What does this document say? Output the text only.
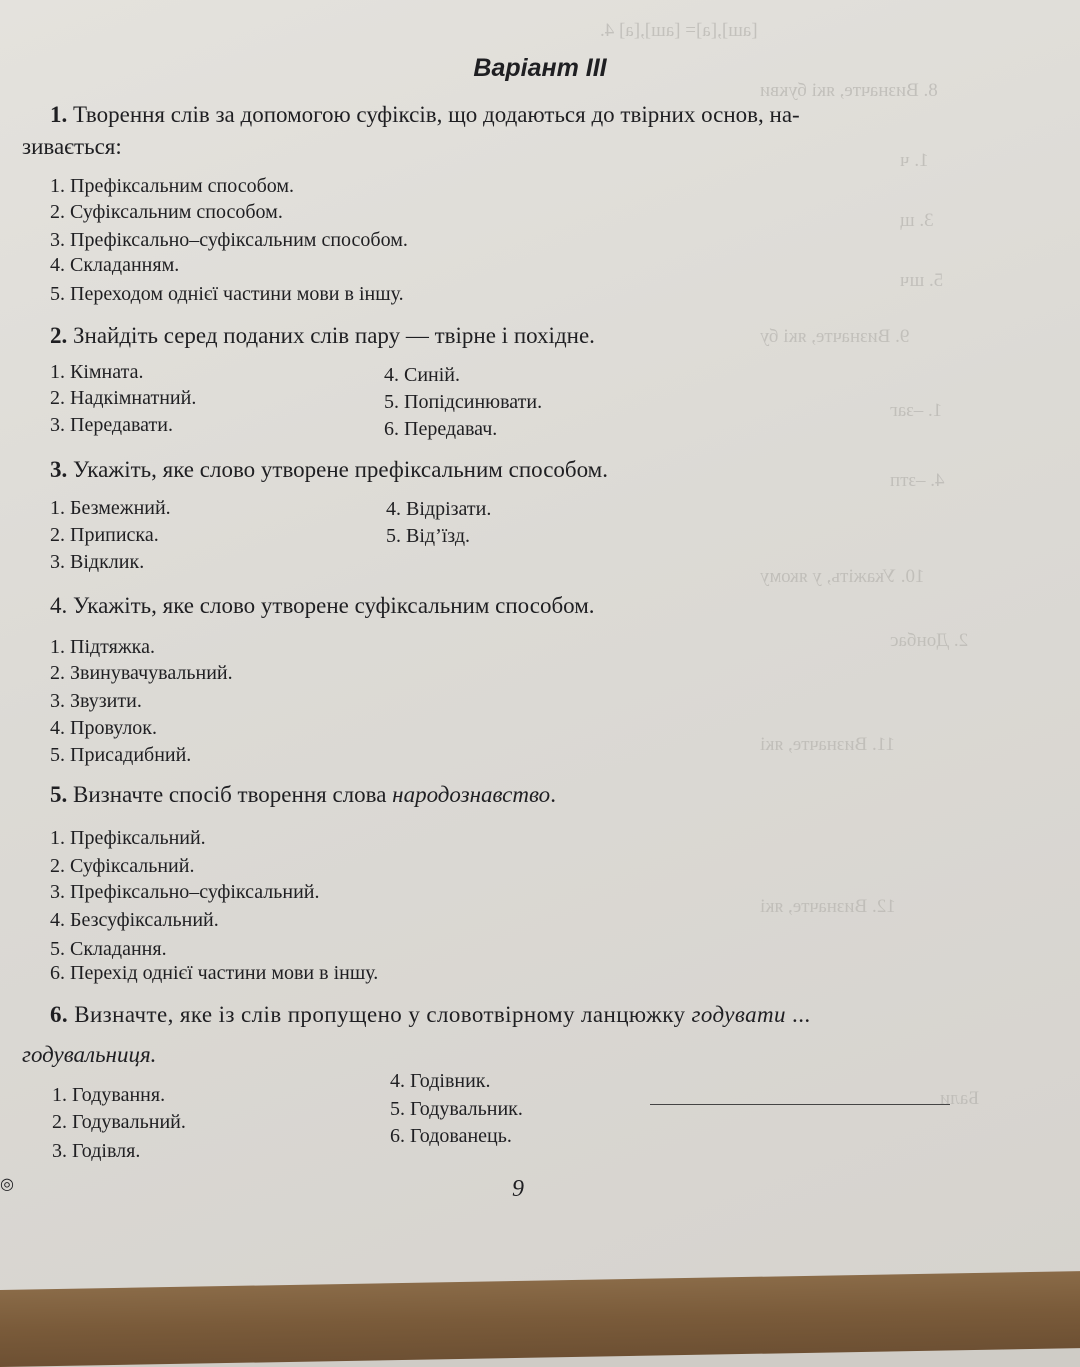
[аш],[а]= [аш],[а] 4.
8. Визначте, які букви
1. ч
3. щ
5. шч
9. Визначте, які бу
1. –заг
4. –зтп
10. Укажіть, у якому
2. Донбас
11. Визначте, які
12. Визначте, які
Бали
Варіант III
1. Творення слів за допомогою суфіксів, що додаються до твірних основ, на-
зивається:
1. Префіксальним способом.
2. Суфіксальним способом.
3. Префіксально–суфіксальним способом.
4. Складанням.
5. Переходом однієї частини мови в іншу.
2. Знайдіть серед поданих слів пару — твірне і похідне.
1. Кімната.
2. Надкімнатний.
3. Передавати.
4. Синій.
5. Попідсинювати.
6. Передавач.
3. Укажіть, яке слово утворене префіксальним способом.
1. Безмежний.
2. Приписка.
3. Відклик.
4. Відрізати.
5. Від’їзд.
4. Укажіть, яке слово утворене суфіксальним способом.
1. Підтяжка.
2. Звинувачувальний.
3. Звузити.
4. Провулок.
5. Присадибний.
5. Визначте спосіб творення слова народознавство.
1. Префіксальний.
2. Суфіксальний.
3. Префіксально–суфіксальний.
4. Безсуфіксальний.
5. Складання.
6. Перехід однієї частини мови в іншу.
6. Визначте, яке із слів пропущено у словотвірному ланцюжку годувати ...
годувальниця.
1. Годування.
2. Годувальний.
3. Годівля.
4. Годівник.
5. Годувальник.
6. Годованець.
◎	9
